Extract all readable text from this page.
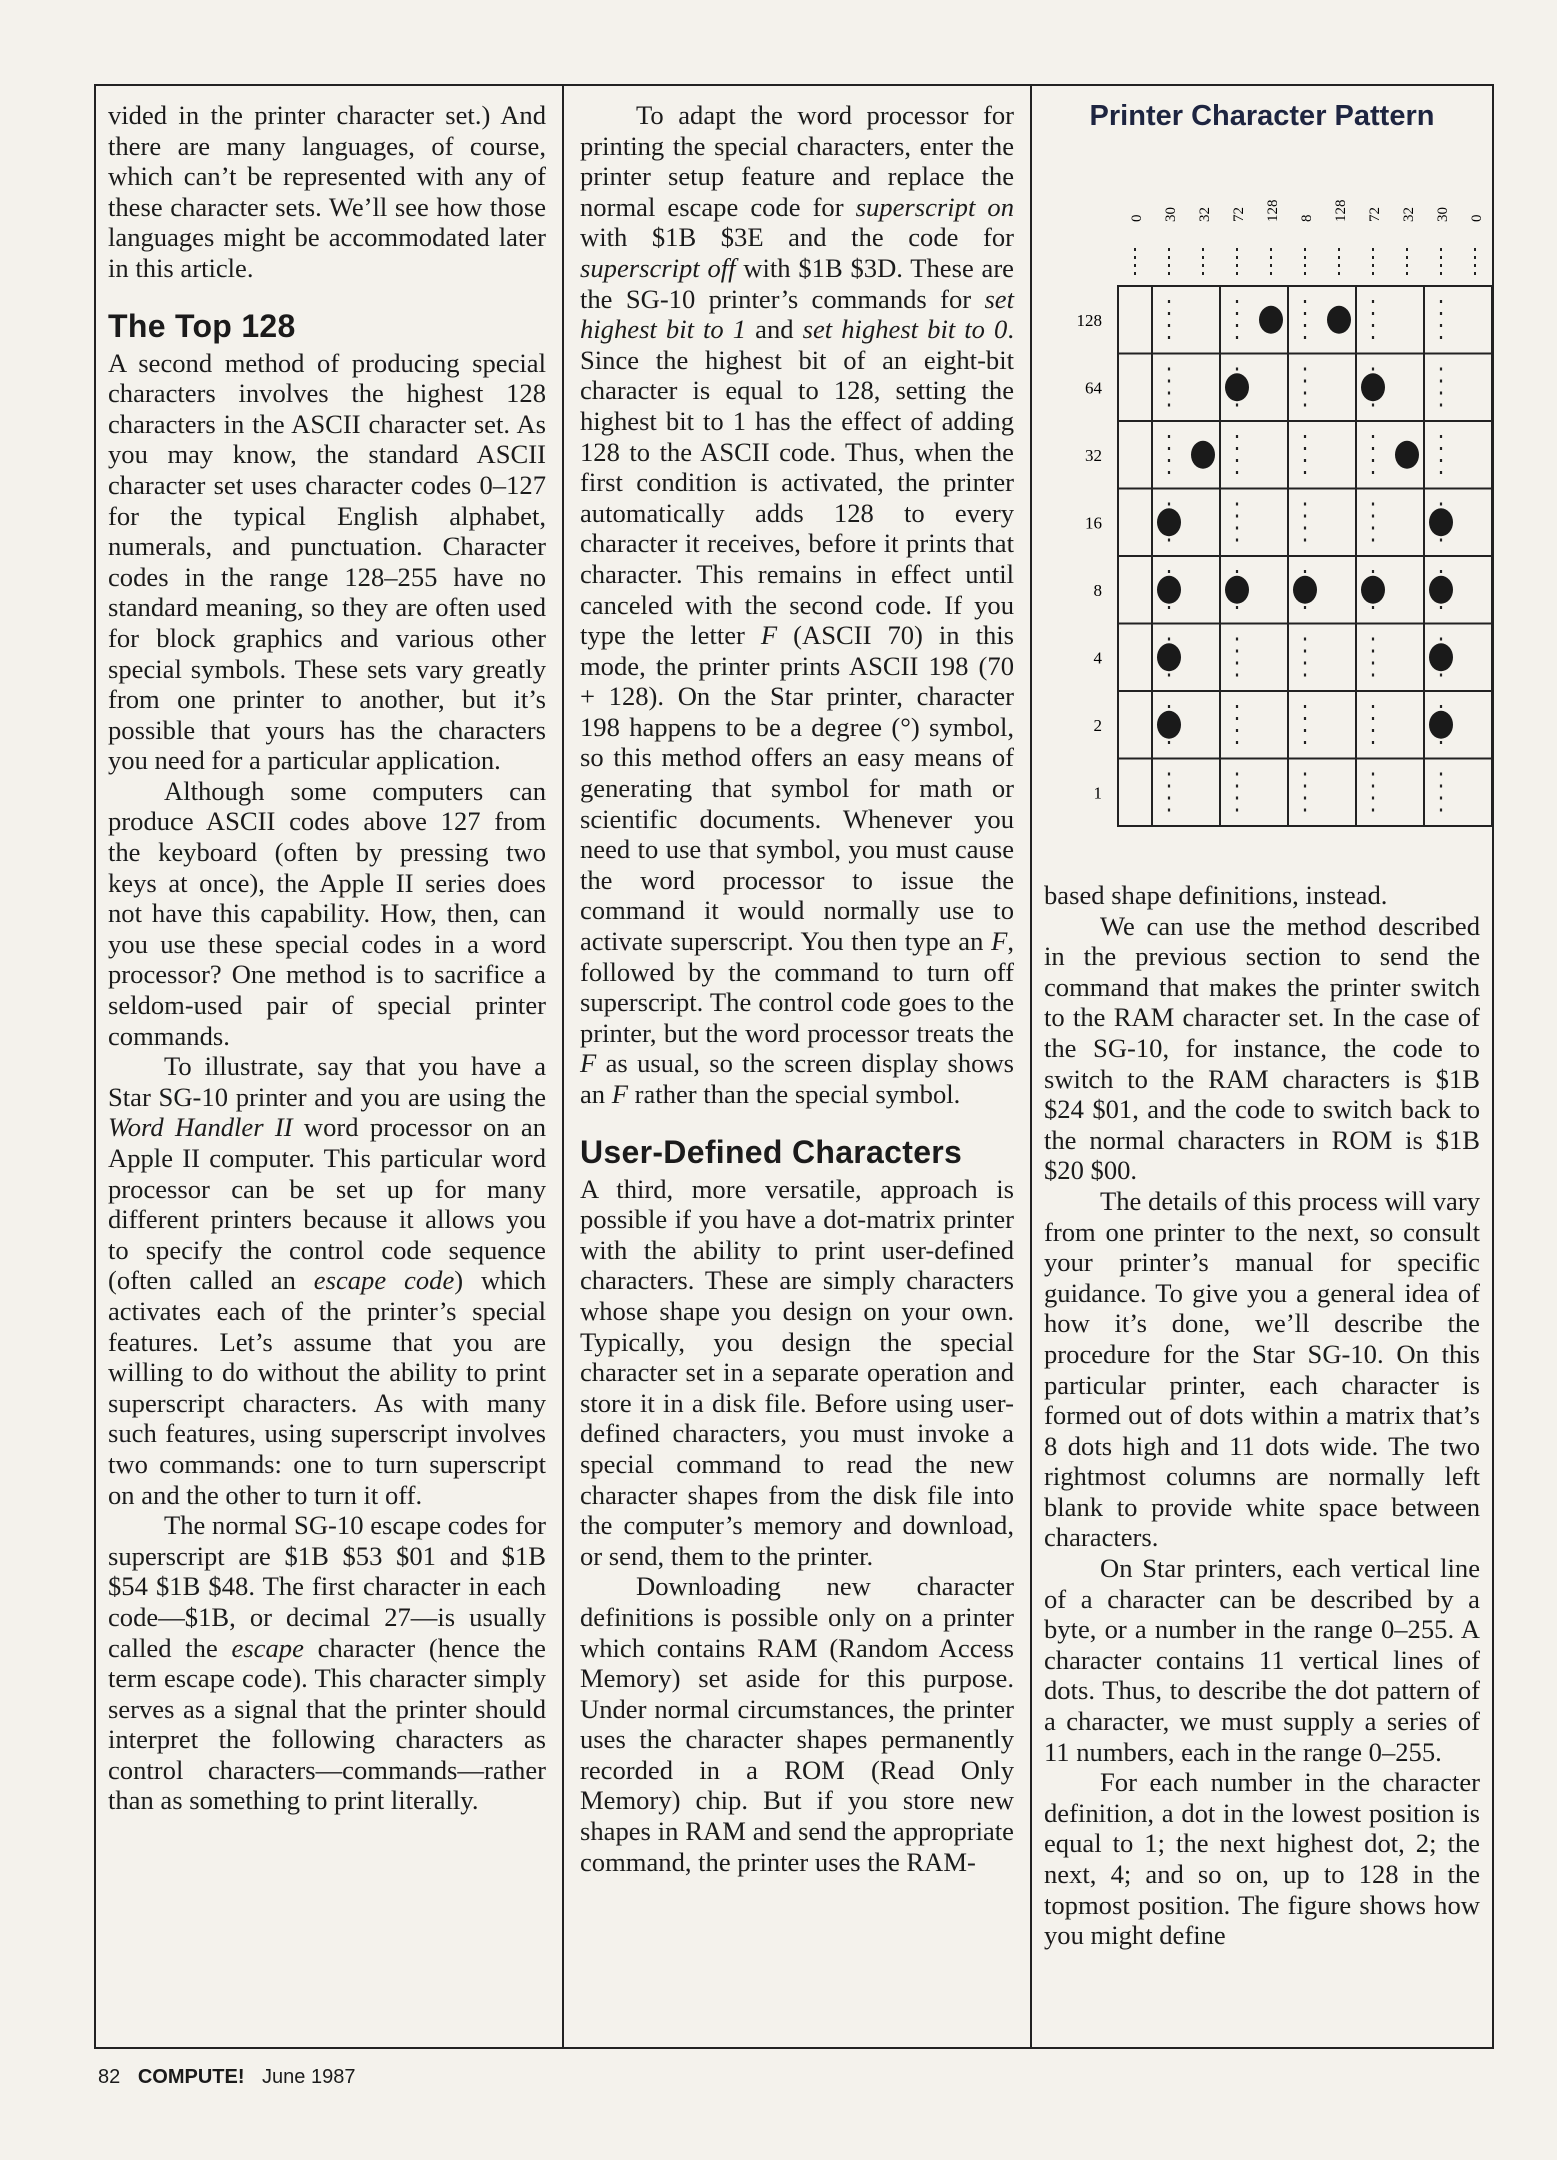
vided in the printer character set.) And there are many languages, of course, which can’t be represented with any of these character sets. We’ll see how those languages might be accommodated later in this article.

The Top 128

A second method of producing special characters involves the highest 128 characters in the ASCII character set. As you may know, the standard ASCII character set uses character codes 0–127 for the typical English alphabet, numerals, and punctuation. Character codes in the range 128–255 have no standard meaning, so they are often used for block graphics and various other special symbols. These sets vary greatly from one printer to another, but it’s possible that yours has the characters you need for a particular application.

Although some computers can produce ASCII codes above 127 from the keyboard (often by pressing two keys at once), the Apple II series does not have this capability. How, then, can you use these special codes in a word processor? One method is to sacrifice a seldom-used pair of special printer commands.

To illustrate, say that you have a Star SG-10 printer and you are using the Word Handler II word processor on an Apple II computer. This particular word processor can be set up for many different printers because it allows you to specify the control code sequence (often called an escape code) which activates each of the printer’s special features. Let’s assume that you are willing to do without the ability to print superscript characters. As with many such features, using superscript involves two commands: one to turn superscript on and the other to turn it off.

The normal SG-10 escape codes for superscript are $1B $53 $01 and $1B $54 $1B $48. The first character in each code—$1B, or decimal 27—is usually called the escape character (hence the term escape code). This character simply serves as a signal that the printer should interpret the following characters as control characters—commands—rather than as something to print literally.

To adapt the word processor for printing the special characters, enter the printer setup feature and replace the normal escape code for superscript on with $1B $3E and the code for superscript off with $1B $3D. These are the SG-10 printer’s commands for set highest bit to 1 and set highest bit to 0. Since the highest bit of an eight-bit character is equal to 128, setting the highest bit to 1 has the effect of adding 128 to the ASCII code. Thus, when the first condition is activated, the printer automatically adds 128 to every character it receives, before it prints that character. This remains in effect until canceled with the second code. If you type the letter F (ASCII 70) in this mode, the printer prints ASCII 198 (70 + 128). On the Star printer, character 198 happens to be a degree (°) symbol, so this method offers an easy means of generating that symbol for math or scientific documents. Whenever you need to use that symbol, you must cause the word processor to issue the command it would normally use to activate superscript. You then type an F, followed by the command to turn off superscript. The control code goes to the printer, but the word processor treats the F as usual, so the screen display shows an F rather than the special symbol.

User-Defined Characters

A third, more versatile, approach is possible if you have a dot-matrix printer with the ability to print user-defined characters. These are simply characters whose shape you design on your own. Typically, you design the special character set in a separate operation and store it in a disk file. Before using user-defined characters, you must invoke a special command to read the new character shapes from the disk file into the computer’s memory and download, or send, them to the printer.

Downloading new character definitions is possible only on a printer which contains RAM (Random Access Memory) set aside for this purpose. Under normal circumstances, the printer uses the character shapes permanently recorded in a ROM (Read Only Memory) chip. But if you store new shapes in RAM and send the appropriate command, the printer uses the RAM-

Printer Character Pattern
0 30 32 72 128 8 128 72 32 30 0
128
64
32
16
8
4
2
1

based shape definitions, instead.

We can use the method described in the previous section to send the command that makes the printer switch to the RAM character set. In the case of the SG-10, for instance, the code to switch to the RAM characters is $1B $24 $01, and the code to switch back to the normal characters in ROM is $1B $20 $00.

The details of this process will vary from one printer to the next, so consult your printer’s manual for specific guidance. To give you a general idea of how it’s done, we’ll describe the procedure for the Star SG-10. On this particular printer, each character is formed out of dots within a matrix that’s 8 dots high and 11 dots wide. The two rightmost columns are normally left blank to provide white space between characters.

On Star printers, each vertical line of a character can be described by a byte, or a number in the range 0–255. A character contains 11 vertical lines of dots. Thus, to describe the dot pattern of a character, we must supply a series of 11 numbers, each in the range 0–255.

For each number in the character definition, a dot in the lowest position is equal to 1; the next highest dot, 2; the next, 4; and so on, up to 128 in the topmost position. The figure shows how you might define

82 COMPUTE! June 1987
